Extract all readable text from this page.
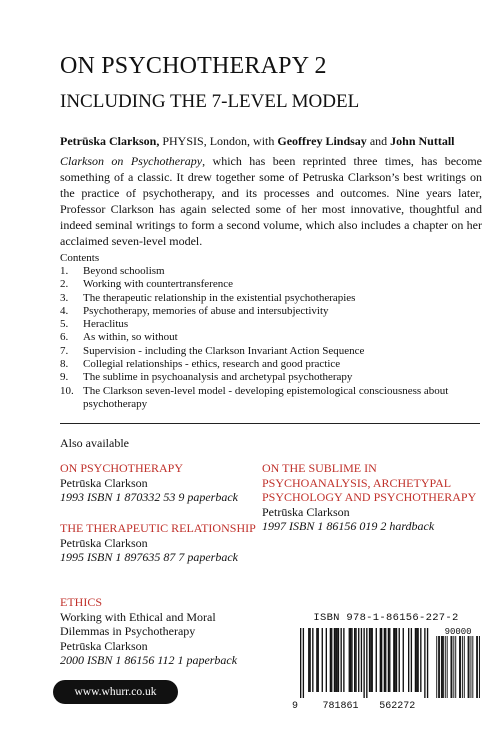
ON PSYCHOTHERAPY 2
INCLUDING THE 7-LEVEL MODEL
Petrūska Clarkson, PHYSIS, London, with Geoffrey Lindsay and John Nuttall
Clarkson on Psychotherapy, which has been reprinted three times, has become something of a classic. It drew together some of Petruska Clarkson’s best writings on the practice of psychotherapy, and its processes and outcomes. Nine years later, Professor Clarkson has again selected some of her most innovative, thoughtful and indeed seminal writings to form a second volume, which also includes a chapter on her acclaimed seven-level model.
Contents
1.	Beyond schoolism
2.	Working with countertransference
3.	The therapeutic relationship in the existential psychotherapies
4.	Psychotherapy, memories of abuse and intersubjectivity
5.	Heraclitus
6.	As within, so without
7.	Supervision - including the Clarkson Invariant Action Sequence
8.	Collegial relationships - ethics, research and good practice
9.	The sublime in psychoanalysis and archetypal psychotherapy
10. The Clarkson seven-level model - developing epistemological consciousness about psychotherapy
Also available
ON PSYCHOTHERAPY
Petrūska Clarkson
1993 ISBN 1 870332 53 9 paperback
THE THERAPEUTIC RELATIONSHIP
Petrūska Clarkson
1995 ISBN 1 897635 87 7 paperback
ETHICS
Working with Ethical and Moral Dilemmas in Psychotherapy
Petrūska Clarkson
2000 ISBN 1 86156 112 1 paperback
ON THE SUBLIME IN PSYCHOANALYSIS, ARCHETYPAL PSYCHOLOGY AND PSYCHOTHERAPY
Petrūska Clarkson
1997 ISBN 1 86156 019 2 hardback
ISBN 978-1-86156-227-2
90000
9 781861 562272
www.whurr.co.uk
